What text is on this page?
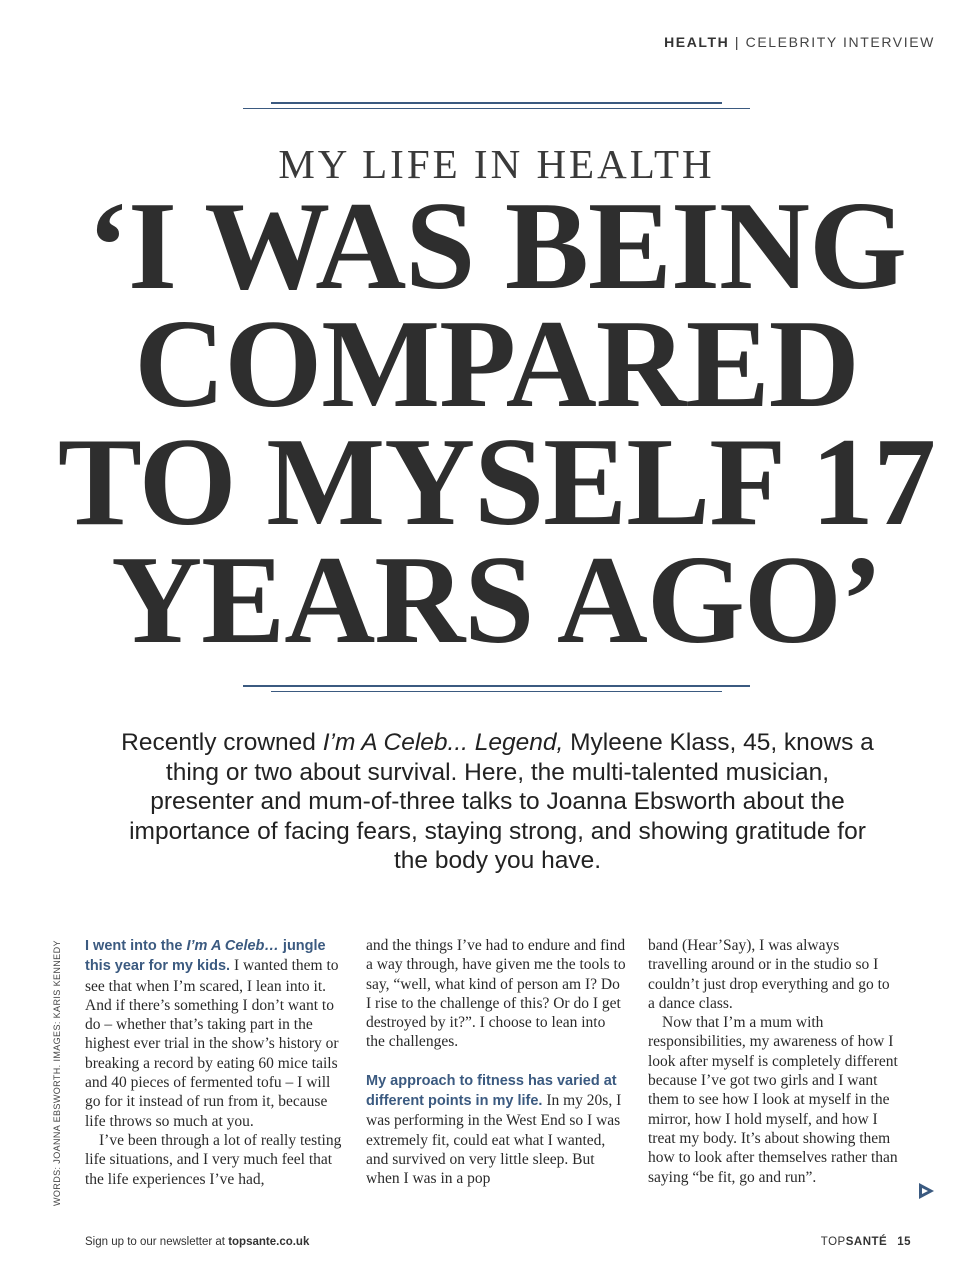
HEALTH | CELEBRITY INTERVIEW
MY LIFE IN HEALTH
‘I WAS BEING
COMPARED
TO MYSELF 17
YEARS AGO’
Recently crowned I’m A Celeb... Legend, Myleene Klass, 45, knows a thing or two about survival. Here, the multi-talented musician, presenter and mum-of-three talks to Joanna Ebsworth about the importance of facing fears, staying strong, and showing gratitude for the body you have.
WORDS: JOANNA EBSWORTH. IMAGES: KARIS KENNEDY I went into the I’m A Celeb… jungle this year for my kids. I wanted them to see that when I’m scared, I lean into it. And if there’s something I don’t want to do – whether that’s taking part in the highest ever trial in the show’s history or breaking a record by eating 60 mice tails and 40 pieces of fermented tofu – I will go for it instead of run from it, because life throws so much at you.

I’ve been through a lot of really testing life situations, and I very much feel that the life experiences I’ve had,

and the things I’ve had to endure and find a way through, have given me the tools to say, “well, what kind of person am I? Do I rise to the challenge of this? Or do I get destroyed by it?”. I choose to lean into the challenges.

My approach to fitness has varied at different points in my life. In my 20s, I was performing in the West End so I was extremely fit, could eat what I wanted, and survived on very little sleep. But when I was in a pop

band (Hear’Say), I was always travelling around or in the studio so I couldn’t just drop everything and go to a dance class.

Now that I’m a mum with responsibilities, my awareness of how I look after myself is completely different because I’ve got two girls and I want them to see how I look at myself in the mirror, how I hold myself, and how I treat my body. It’s about showing them how to look after themselves rather than saying “be fit, go and run”.

Sign up to our newsletter at topsante.co.uk	TOPSANTÉ 15
